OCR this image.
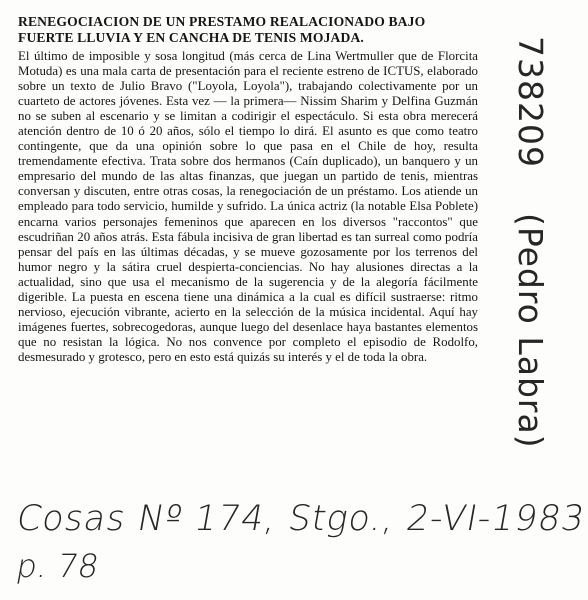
RENEGOCIACION DE UN PRESTAMO REALACIONADO BAJO FUERTE LLUVIA Y EN CANCHA DE TENIS MOJADA.

El último de imposible y sosa longitud (más cerca de Lina Wertmuller que de Florcita Motuda) es una mala carta de presentación para el reciente estreno de ICTUS, elaborado sobre un texto de Julio Bravo ("Loyola, Loyola"), trabajando colectivamente por un cuarteto de actores jóvenes. Esta vez — la primera— Nissim Sharim y Delfina Guzmán no se suben al escenario y se limitan a codirigir el espectáculo. Si esta obra merecerá atención dentro de 10 ó 20 años, sólo el tiempo lo dirá. El asunto es que como teatro contingente, que da una opinión sobre lo que pasa en el Chile de hoy, resulta tremendamente efectiva. Trata sobre dos hermanos (Caín duplicado), un banquero y un empresario del mundo de las altas finanzas, que juegan un partido de tenis, mientras conversan y discuten, entre otras cosas, la renegociación de un préstamo. Los atiende un empleado para todo servicio, humilde y sufrido. La única actriz (la notable Elsa Poblete) encarna varios personajes femeninos que aparecen en los diversos "raccontos" que escudriñan 20 años atrás. Esta fábula incisiva de gran libertad es tan surreal como podría pensar del país en las últimas décadas, y se mueve gozosamente por los terrenos del humor negro y la sátira cruel despierta-conciencias. No hay alusiones directas a la actualidad, sino que usa el mecanismo de la sugerencia y de la alegoría fácilmente digerible. La puesta en escena tiene una dinámica a la cual es difícil sustraerse: ritmo nervioso, ejecución vibrante, acierto en la selección de la música incidental. Aquí hay imágenes fuertes, sobrecogedoras, aunque luego del desenlace haya bastantes elementos que no resistan la lógica. No nos convence por completo el episodio de Rodolfo, desmesurado y grotesco, pero en esto está quizás su interés y el de toda la obra.

738209  (Pedro Labra)
Cosas Nº 174, Stgo., 2-VI-1983
p. 78
